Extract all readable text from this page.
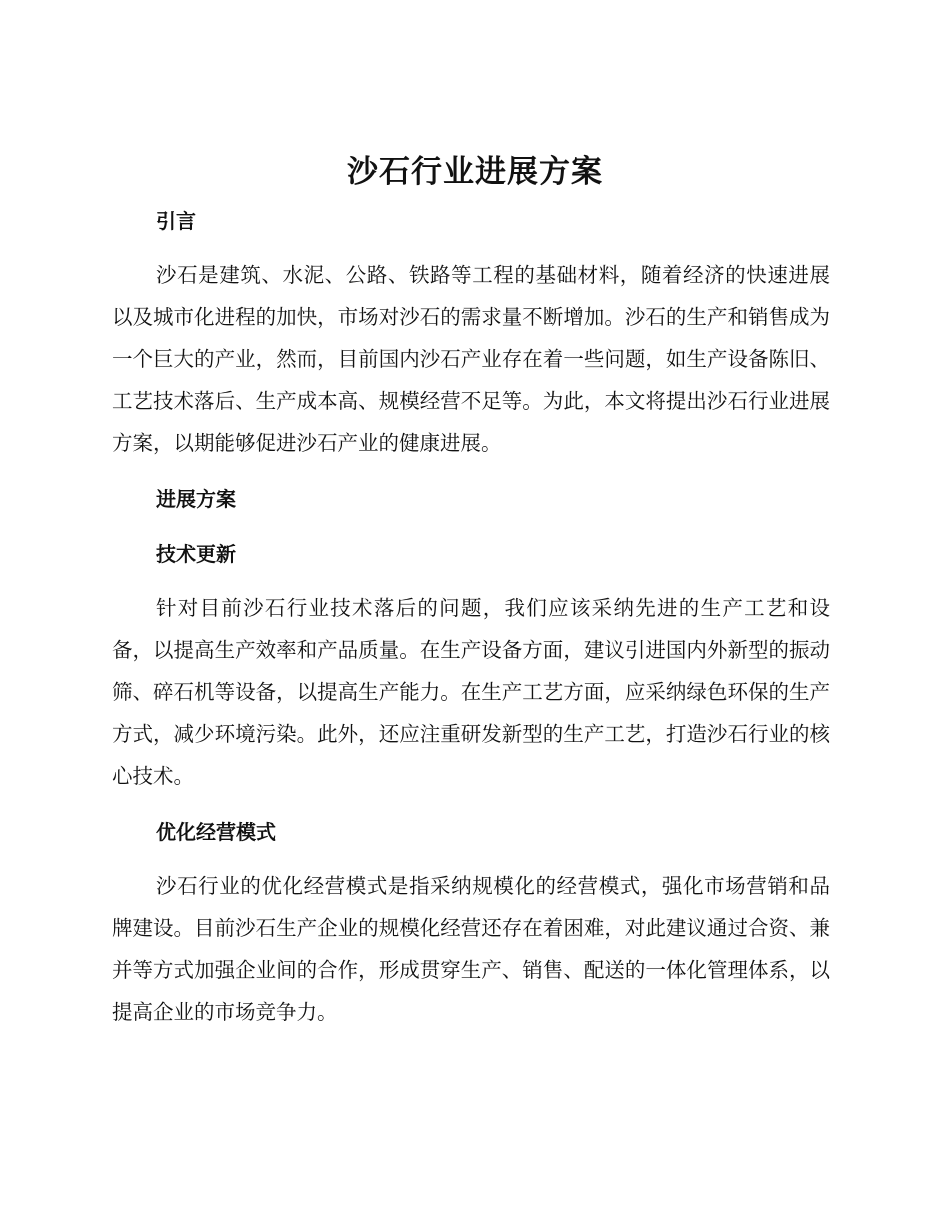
沙石行业进展方案
引言

沙石是建筑、水泥、公路、铁路等工程的基础材料，随着经济的快速进展以及城市化进程的加快，市场对沙石的需求量不断增加。沙石的生产和销售成为一个巨大的产业，然而，目前国内沙石产业存在着一些问题，如生产设备陈旧、工艺技术落后、生产成本高、规模经营不足等。为此，本文将提出沙石行业进展方案，以期能够促进沙石产业的健康进展。

进展方案
技术更新

针对目前沙石行业技术落后的问题，我们应该采纳先进的生产工艺和设备，以提高生产效率和产品质量。在生产设备方面，建议引进国内外新型的振动筛、碎石机等设备，以提高生产能力。在生产工艺方面，应采纳绿色环保的生产方式，减少环境污染。此外，还应注重研发新型的生产工艺，打造沙石行业的核心技术。

优化经营模式

沙石行业的优化经营模式是指采纳规模化的经营模式，强化市场营销和品牌建设。目前沙石生产企业的规模化经营还存在着困难，对此建议通过合资、兼并等方式加强企业间的合作，形成贯穿生产、销售、配送的一体化管理体系，以提高企业的市场竞争力。
